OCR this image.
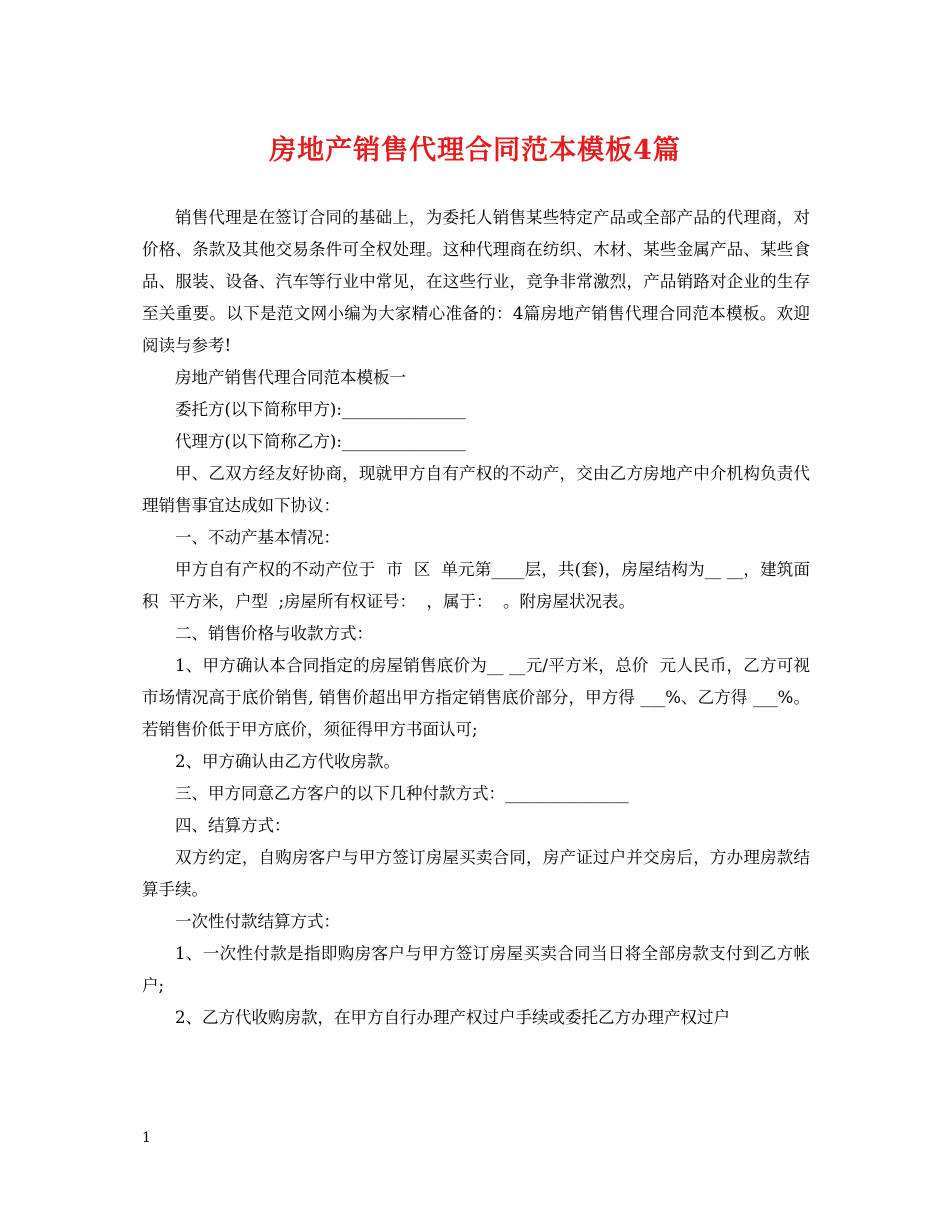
房地产销售代理合同范本模板4篇

销售代理是在签订合同的基础上，为委托人销售某些特定产品或全部产品的代理商，对价格、条款及其他交易条件可全权处理。这种代理商在纺织、木材、某些金属产品、某些食品、服装、设备、汽车等行业中常见，在这些行业，竞争非常激烈，产品销路对企业的生存至关重要。以下是范文网小编为大家精心准备的：4篇房地产销售代理合同范本模板。欢迎阅读与参考!

房地产销售代理合同范本模板一

委托方(以下简称甲方):_______________

代理方(以下简称乙方):_______________

甲、乙双方经友好协商，现就甲方自有产权的不动产，交由乙方房地产中介机构负责代理销售事宜达成如下协议：

一、不动产基本情况：

甲方自有产权的不动产位于  市  区  单元第____层，共(套)，房屋结构为__ __，建筑面积  平方米，户型  ;房屋所有权证号：  ，属于：  。附房屋状况表。

二、销售价格与收款方式：

1、甲方确认本合同指定的房屋销售底价为__ __元/平方米，总价  元人民币，乙方可视市场情况高于底价销售, 销售价超出甲方指定销售底价部分，甲方得 ___%、乙方得 ___%。若销售价低于甲方底价，须征得甲方书面认可;

2、甲方确认由乙方代收房款。

三、甲方同意乙方客户的以下几种付款方式：_______________

四、结算方式：

双方约定，自购房客户与甲方签订房屋买卖合同，房产证过户并交房后，方办理房款结算手续。

一次性付款结算方式：

1、一次性付款是指即购房客户与甲方签订房屋买卖合同当日将全部房款支付到乙方帐户;

2、乙方代收购房款，在甲方自行办理产权过户手续或委托乙方办理产权过户

1
